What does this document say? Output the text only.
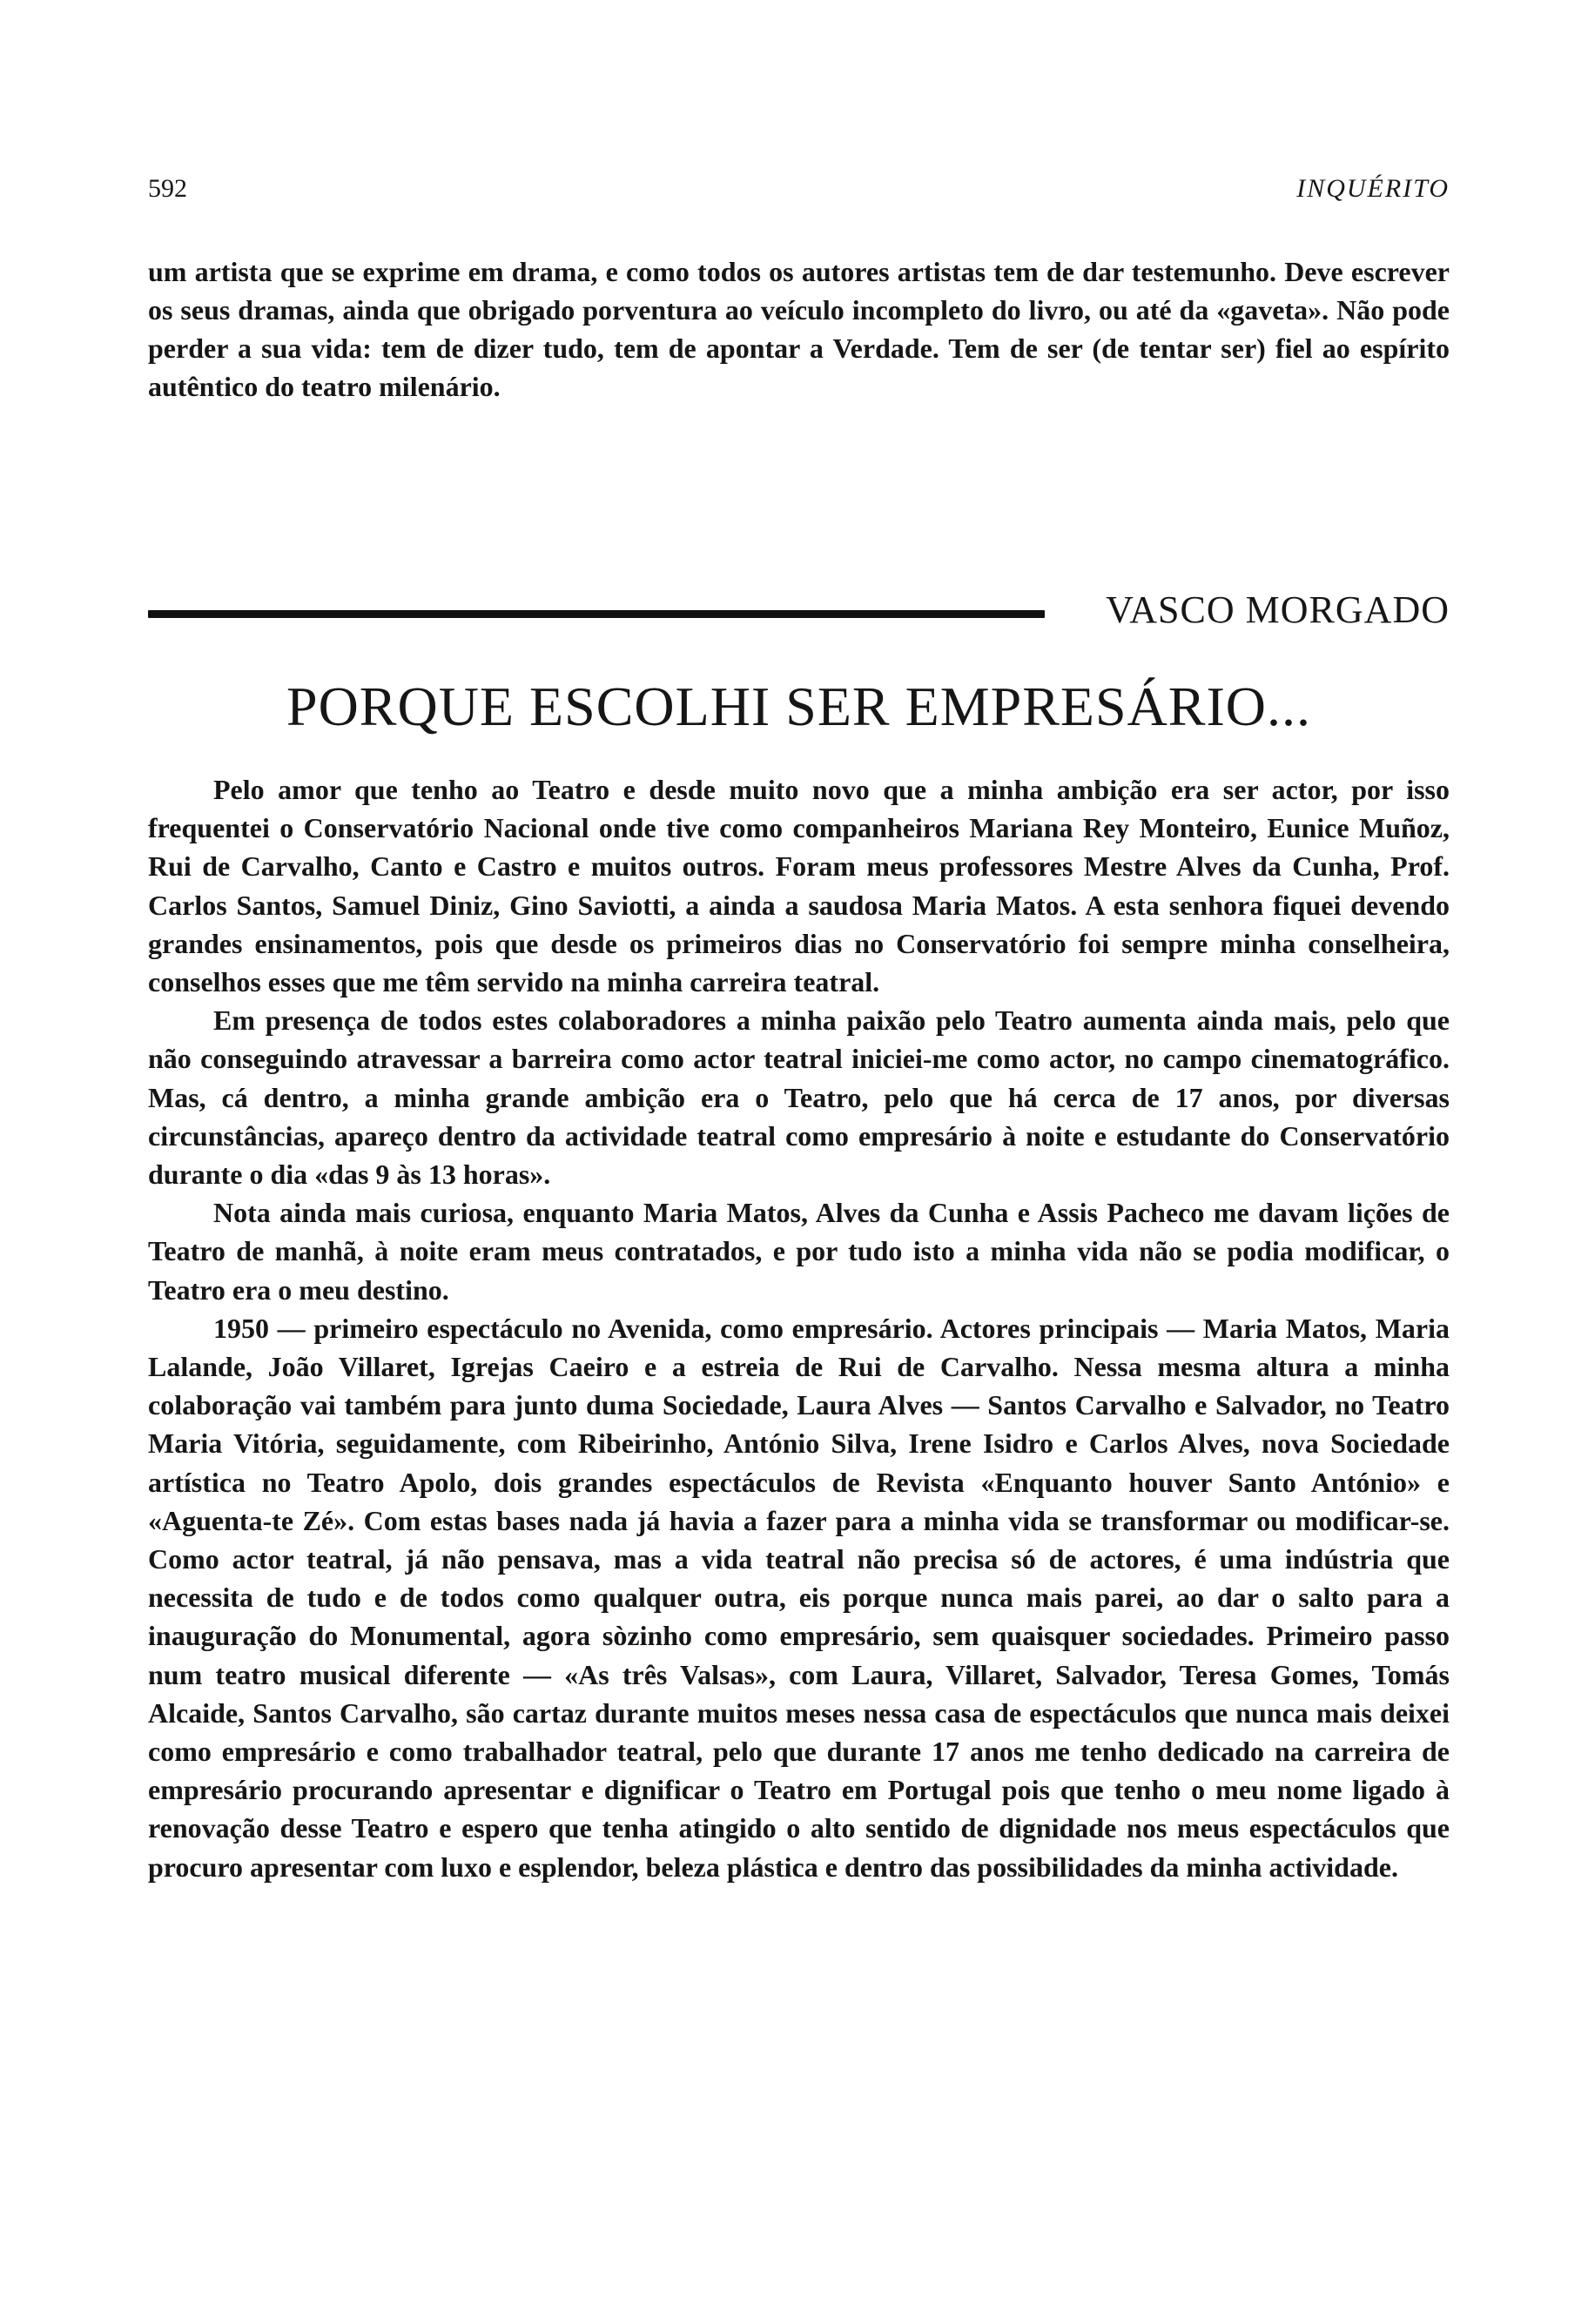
592	INQUÉRITO

um artista que se exprime em drama, e como todos os autores artistas tem de dar testemunho. Deve escrever os seus dramas, ainda que obrigado porventura ao veículo incompleto do livro, ou até da «gaveta». Não pode perder a sua vida: tem de dizer tudo, tem de apontar a Verdade. Tem de ser (de tentar ser) fiel ao espírito autêntico do teatro milenário.

VASCO MORGADO
PORQUE ESCOLHI SER EMPRESÁRIO...

Pelo amor que tenho ao Teatro e desde muito novo que a minha ambição era ser actor, por isso frequentei o Conservatório Nacional onde tive como companheiros Mariana Rey Monteiro, Eunice Muñoz, Rui de Carvalho, Canto e Castro e muitos outros. Foram meus professores Mestre Alves da Cunha, Prof. Carlos Santos, Samuel Diniz, Gino Saviotti, a ainda a saudosa Maria Matos. A esta senhora fiquei devendo grandes ensinamentos, pois que desde os primeiros dias no Conservatório foi sempre minha conselheira, conselhos esses que me têm servido na minha carreira teatral.

Em presença de todos estes colaboradores a minha paixão pelo Teatro aumenta ainda mais, pelo que não conseguindo atravessar a barreira como actor teatral iniciei-me como actor, no campo cinematográfico. Mas, cá dentro, a minha grande ambição era o Teatro, pelo que há cerca de 17 anos, por diversas circunstâncias, apareço dentro da actividade teatral como empresário à noite e estudante do Conservatório durante o dia «das 9 às 13 horas».

Nota ainda mais curiosa, enquanto Maria Matos, Alves da Cunha e Assis Pacheco me davam lições de Teatro de manhã, à noite eram meus contratados, e por tudo isto a minha vida não se podia modificar, o Teatro era o meu destino.

1950 — primeiro espectáculo no Avenida, como empresário. Actores principais — Maria Matos, Maria Lalande, João Villaret, Igrejas Caeiro e a estreia de Rui de Carvalho. Nessa mesma altura a minha colaboração vai também para junto duma Sociedade, Laura Alves — Santos Carvalho e Salvador, no Teatro Maria Vitória, seguidamente, com Ribeirinho, António Silva, Irene Isidro e Carlos Alves, nova Sociedade artística no Teatro Apolo, dois grandes espectáculos de Revista «Enquanto houver Santo António» e «Aguenta-te Zé». Com estas bases nada já havia a fazer para a minha vida se transformar ou modificar-se. Como actor teatral, já não pensava, mas a vida teatral não precisa só de actores, é uma indústria que necessita de tudo e de todos como qualquer outra, eis porque nunca mais parei, ao dar o salto para a inauguração do Monumental, agora sòzinho como empresário, sem quaisquer sociedades. Primeiro passo num teatro musical diferente — «As três Valsas», com Laura, Villaret, Salvador, Teresa Gomes, Tomás Alcaide, Santos Carvalho, são cartaz durante muitos meses nessa casa de espectáculos que nunca mais deixei como empresário e como trabalhador teatral, pelo que durante 17 anos me tenho dedicado na carreira de empresário procurando apresentar e dignificar o Teatro em Portugal pois que tenho o meu nome ligado à renovação desse Teatro e espero que tenha atingido o alto sentido de dignidade nos meus espectáculos que procuro apresentar com luxo e esplendor, beleza plástica e dentro das possibilidades da minha actividade.
